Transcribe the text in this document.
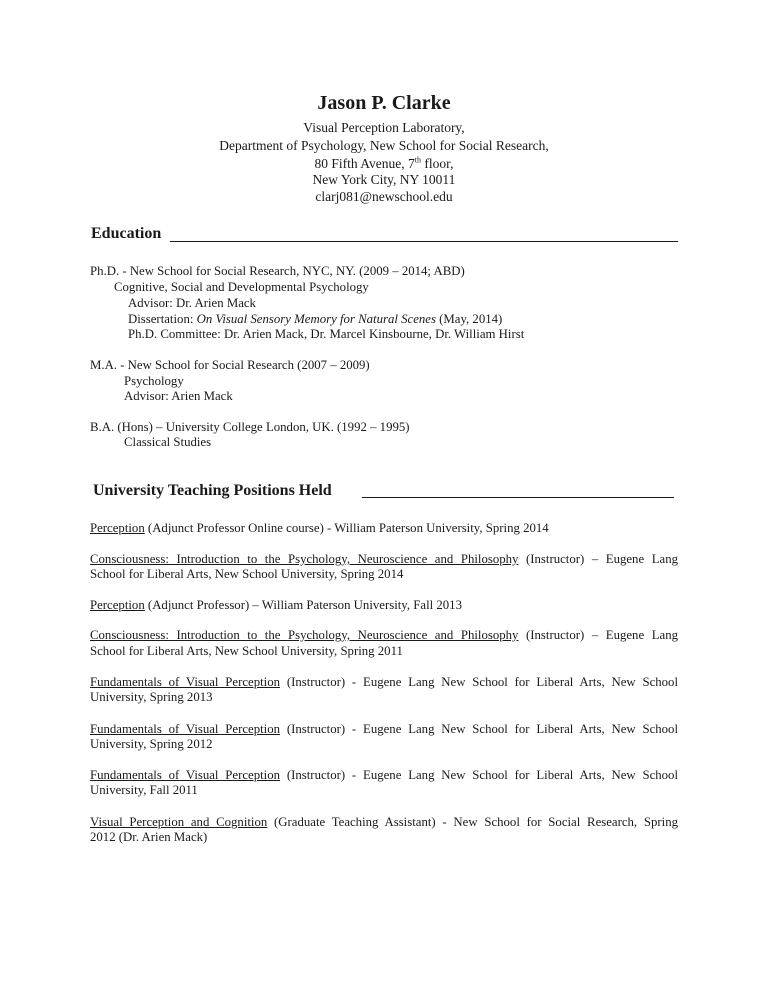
Jason P. Clarke
Visual Perception Laboratory,
Department of Psychology, New School for Social Research,
80 Fifth Avenue, 7th floor,
New York City, NY 10011
clarj081@newschool.edu
Education
Ph.D. - New School for Social Research, NYC, NY. (2009 – 2014; ABD)
Cognitive, Social and Developmental Psychology
Advisor: Dr. Arien Mack
Dissertation: On Visual Sensory Memory for Natural Scenes (May, 2014)
Ph.D. Committee: Dr. Arien Mack, Dr. Marcel Kinsbourne, Dr. William Hirst
M.A. - New School for Social Research (2007 – 2009)
Psychology
Advisor: Arien Mack
B.A. (Hons) – University College London, UK. (1992 – 1995)
Classical Studies
University Teaching Positions Held
Perception (Adjunct Professor Online course) - William Paterson University, Spring 2014
Consciousness: Introduction to the Psychology, Neuroscience and Philosophy (Instructor) – Eugene Lang
School for Liberal Arts, New School University, Spring 2014
Perception (Adjunct Professor) – William Paterson University, Fall 2013
Consciousness: Introduction to the Psychology, Neuroscience and Philosophy (Instructor) – Eugene Lang
School for Liberal Arts, New School University, Spring 2011
Fundamentals of Visual Perception (Instructor) - Eugene Lang New School for Liberal Arts, New School
University, Spring 2013
Fundamentals of Visual Perception (Instructor) - Eugene Lang New School for Liberal Arts, New School
University, Spring 2012
Fundamentals of Visual Perception (Instructor) - Eugene Lang New School for Liberal Arts, New School
University, Fall 2011
Visual Perception and Cognition (Graduate Teaching Assistant) - New School for Social Research, Spring
2012 (Dr. Arien Mack)
